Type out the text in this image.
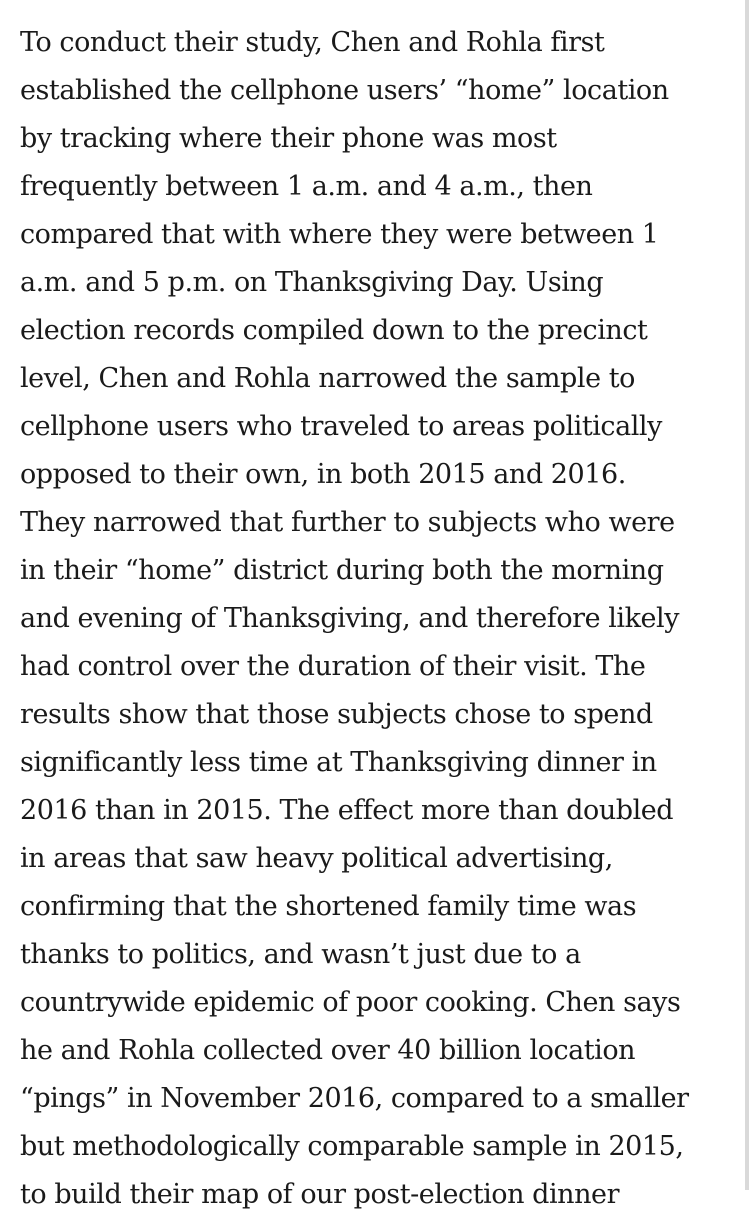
To conduct their study, Chen and Rohla first
established the cellphone users’ “home” location
by tracking where their phone was most
frequently between 1 a.m. and 4 a.m., then
compared that with where they were between 1
a.m. and 5 p.m. on Thanksgiving Day. Using
election records compiled down to the precinct
level, Chen and Rohla narrowed the sample to
cellphone users who traveled to areas politically
opposed to their own, in both 2015 and 2016.
They narrowed that further to subjects who were
in their “home” district during both the morning
and evening of Thanksgiving, and therefore likely
had control over the duration of their visit. The
results show that those subjects chose to spend
significantly less time at Thanksgiving dinner in
2016 than in 2015. The effect more than doubled
in areas that saw heavy political advertising,
confirming that the shortened family time was
thanks to politics, and wasn’t just due to a
countrywide epidemic of poor cooking. Chen says
he and Rohla collected over 40 billion location
“pings” in November 2016, compared to a smaller
but methodologically comparable sample in 2015,
to build their map of our post-election dinner
